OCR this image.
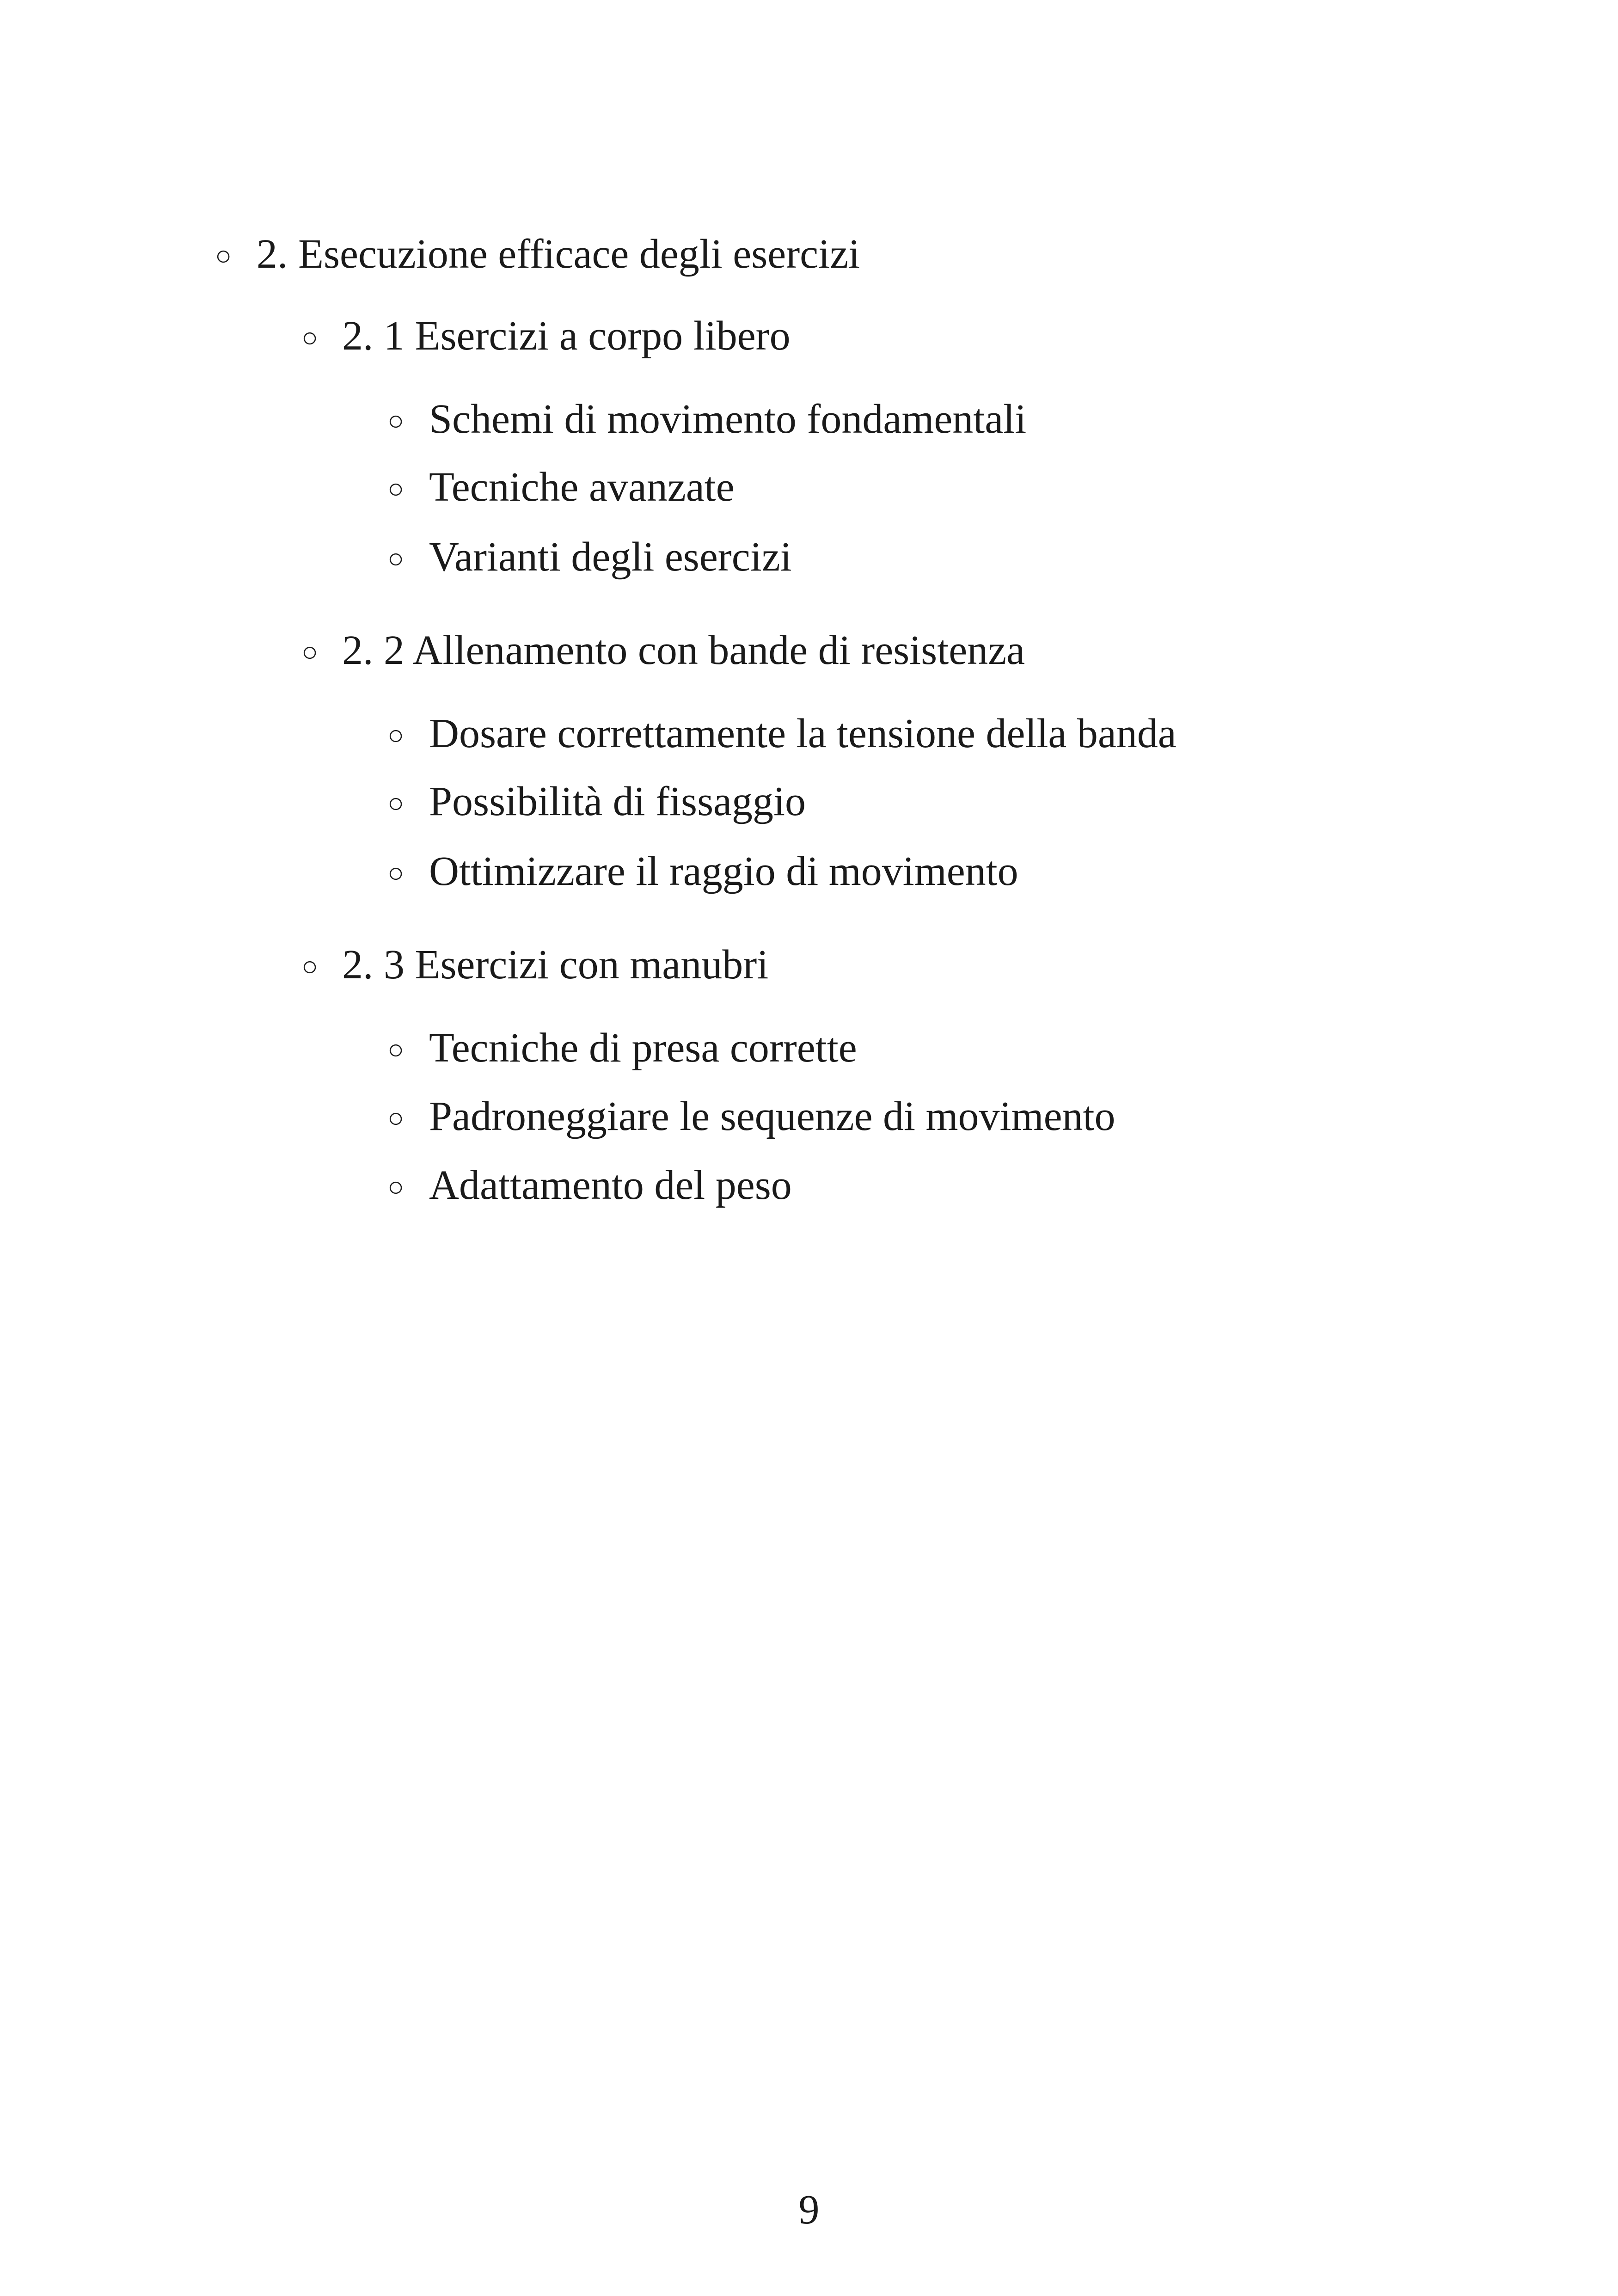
○ 2. Esecuzione efficace degli esercizi
○ 2. 1 Esercizi a corpo libero
○ Schemi di movimento fondamentali
○ Tecniche avanzate
○ Varianti degli esercizi
○ 2. 2 Allenamento con bande di resistenza
○ Dosare correttamente la tensione della banda
○ Possibilità di fissaggio
○ Ottimizzare il raggio di movimento
○ 2. 3 Esercizi con manubri
○ Tecniche di presa corrette
○ Padroneggiare le sequenze di movimento
○ Adattamento del peso
9
